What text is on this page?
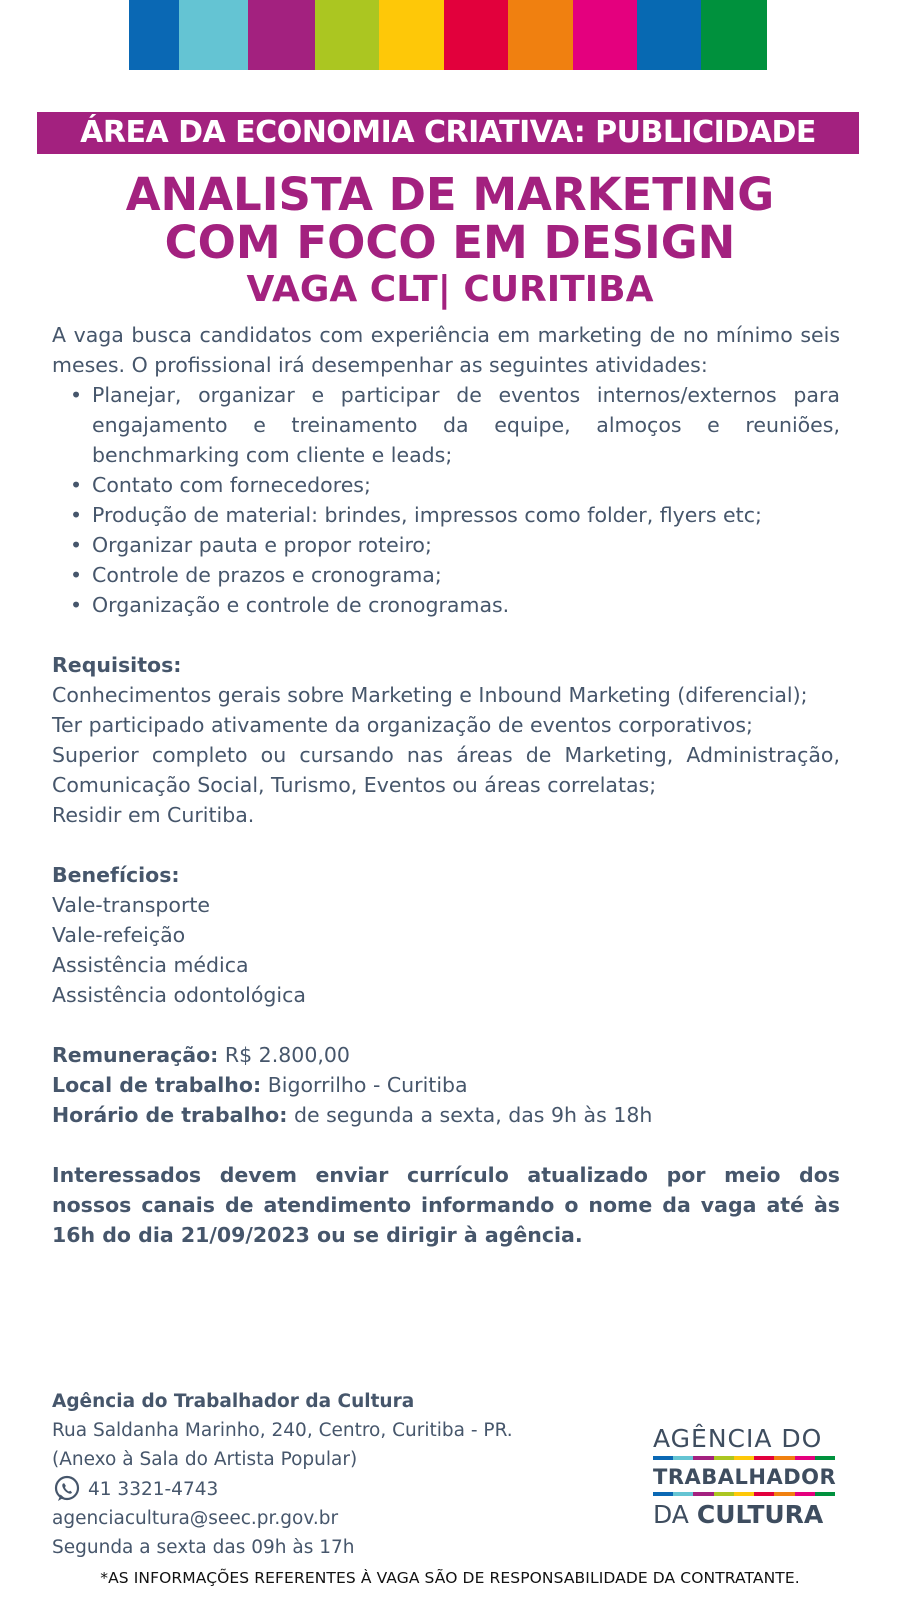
ÁREA DA ECONOMIA CRIATIVA: PUBLICIDADE
ANALISTA DE MARKETING
COM FOCO EM DESIGN
VAGA CLT| CURITIBA

A vaga busca candidatos com experiência em marketing de no mínimo seis meses. O profissional irá desempenhar as seguintes atividades:

• Planejar, organizar e participar de eventos internos/externos para engajamento e treinamento da equipe, almoços e reuniões, benchmarking com cliente e leads;
• Contato com fornecedores;
• Produção de material: brindes, impressos como folder, flyers etc;
• Organizar pauta e propor roteiro;
• Controle de prazos e cronograma;
• Organização e controle de cronogramas.

Requisitos:

Conhecimentos gerais sobre Marketing e Inbound Marketing (diferencial);

Ter participado ativamente da organização de eventos corporativos;

Superior completo ou cursando nas áreas de Marketing, Administração, Comunicação Social, Turismo, Eventos ou áreas correlatas;

Residir em Curitiba.

Benefícios:

Vale-transporte

Vale-refeição

Assistência médica

Assistência odontológica

Remuneração: R$ 2.800,00

Local de trabalho: Bigorrilho - Curitiba

Horário de trabalho: de segunda a sexta, das 9h às 18h

Interessados devem enviar currículo atualizado por meio dos nossos canais de atendimento informando o nome da vaga até às 16h do dia 21/09/2023 ou se dirigir à agência.

Agência do Trabalhador da Cultura

Rua Saldanha Marinho, 240, Centro, Curitiba - PR.

(Anexo à Sala do Artista Popular)

41 3321-4743

agenciacultura@seec.pr.gov.br

Segunda a sexta das 09h às 17h

AGÊNCIA DO
TRABALHADOR
DA CULTURA
*AS INFORMAÇÕES REFERENTES À VAGA SÃO DE RESPONSABILIDADE DA CONTRATANTE.
